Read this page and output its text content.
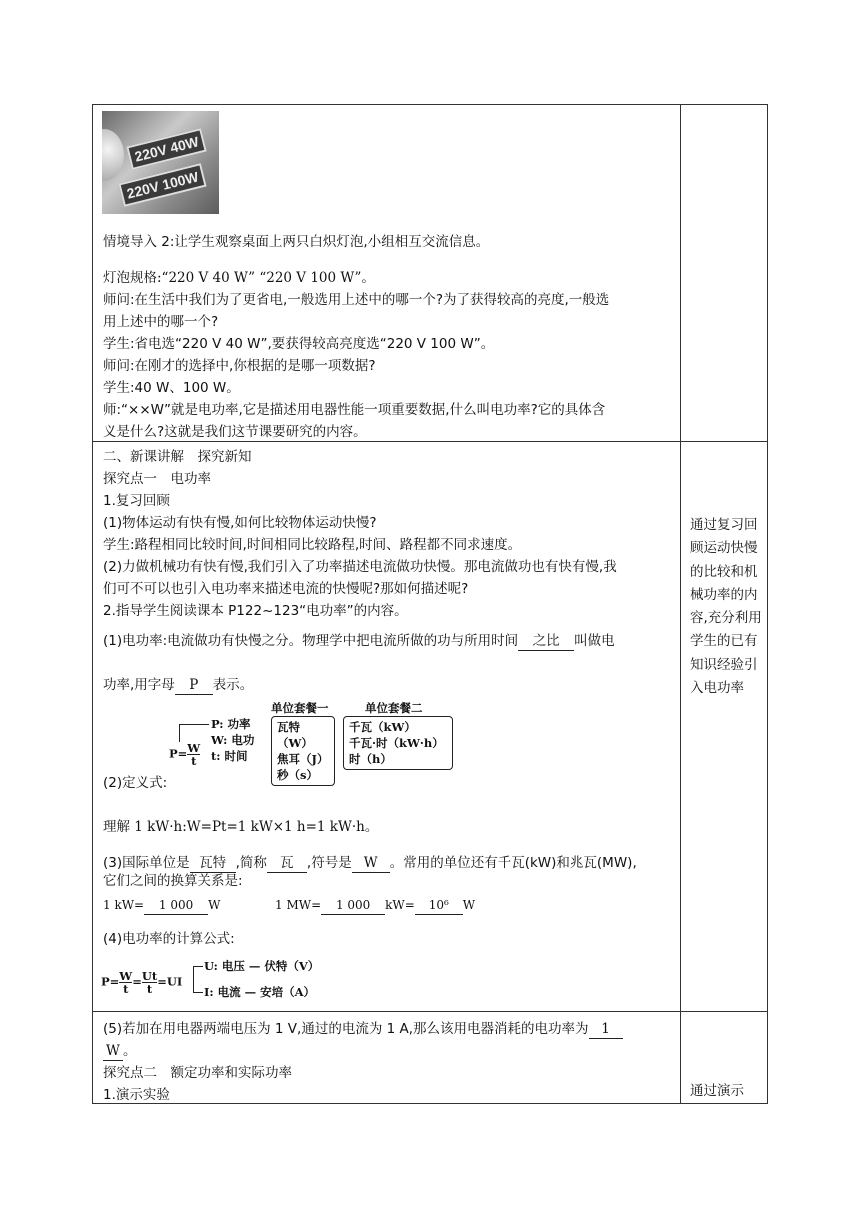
220V 40W
220V 100W
情境导入 2:让学生观察桌面上两只白炽灯泡,小组相互交流信息。
灯泡规格:“220 V 40 W” “220 V 100 W”。
师问:在生活中我们为了更省电,一般选用上述中的哪一个?为了获得较高的亮度,一般选
用上述中的哪一个?
学生:省电选“220 V 40 W”,要获得较高亮度选“220 V 100 W”。
师问:在刚才的选择中,你根据的是哪一项数据?
学生:40 W、100 W。
师:“××W”就是电功率,它是描述用电器性能一项重要数据,什么叫电功率?它的具体含
义是什么?这就是我们这节课要研究的内容。
二、新课讲解　探究新知
探究点一　电功率
1.复习回顾
(1)物体运动有快有慢,如何比较物体运动快慢?
学生:路程相同比较时间,时间相同比较路程,时间、路程都不同求速度。
(2)力做机械功有快有慢,我们引入了功率描述电流做功快慢。那电流做功也有快有慢,我
们可不可以也引入电功率来描述电流的快慢呢?那如何描述呢?
2.指导学生阅读课本 P122~123“电功率”的内容。
(1)电功率:电流做功有快慢之分。物理学中把电流所做的功与所用时间 之比 叫做电
功率,用字母 P 表示。
(2)定义式:
单位套餐一	单位套餐二
$P= \frac{W}{t}$
P: 功率
W: 电功
t: 时间
瓦特（W）
焦耳（J）
秒（s）
千瓦（kW）
千瓦·时（kW·h）
时（h）
理解 1 kW·h:W=Pt=1 kW×1 h=1 kW·h。
(3)国际单位是 瓦特 ,简称 瓦 ,符号是 W 。常用的单位还有千瓦(kW)和兆瓦(MW),
它们之间的换算关系是:
1 kW= 1 000 W	1 MW= 1 000 kW= 10⁶ W
(4)电功率的计算公式:
$P= \frac{W}{t} = \frac{Ut}{t} =UI$
U: 电压 — 伏特（V）
I: 电流 — 安培（A）
通过复习回顾运动快慢的比较和机械功率的内容,充分利用学生的已有知识经验引入电功率
(5)若加在用电器两端电压为 1 V,通过的电流为 1 A,那么该用电器消耗的电功率为 1
W 。
探究点二　额定功率和实际功率
1.演示实验	通过演示
